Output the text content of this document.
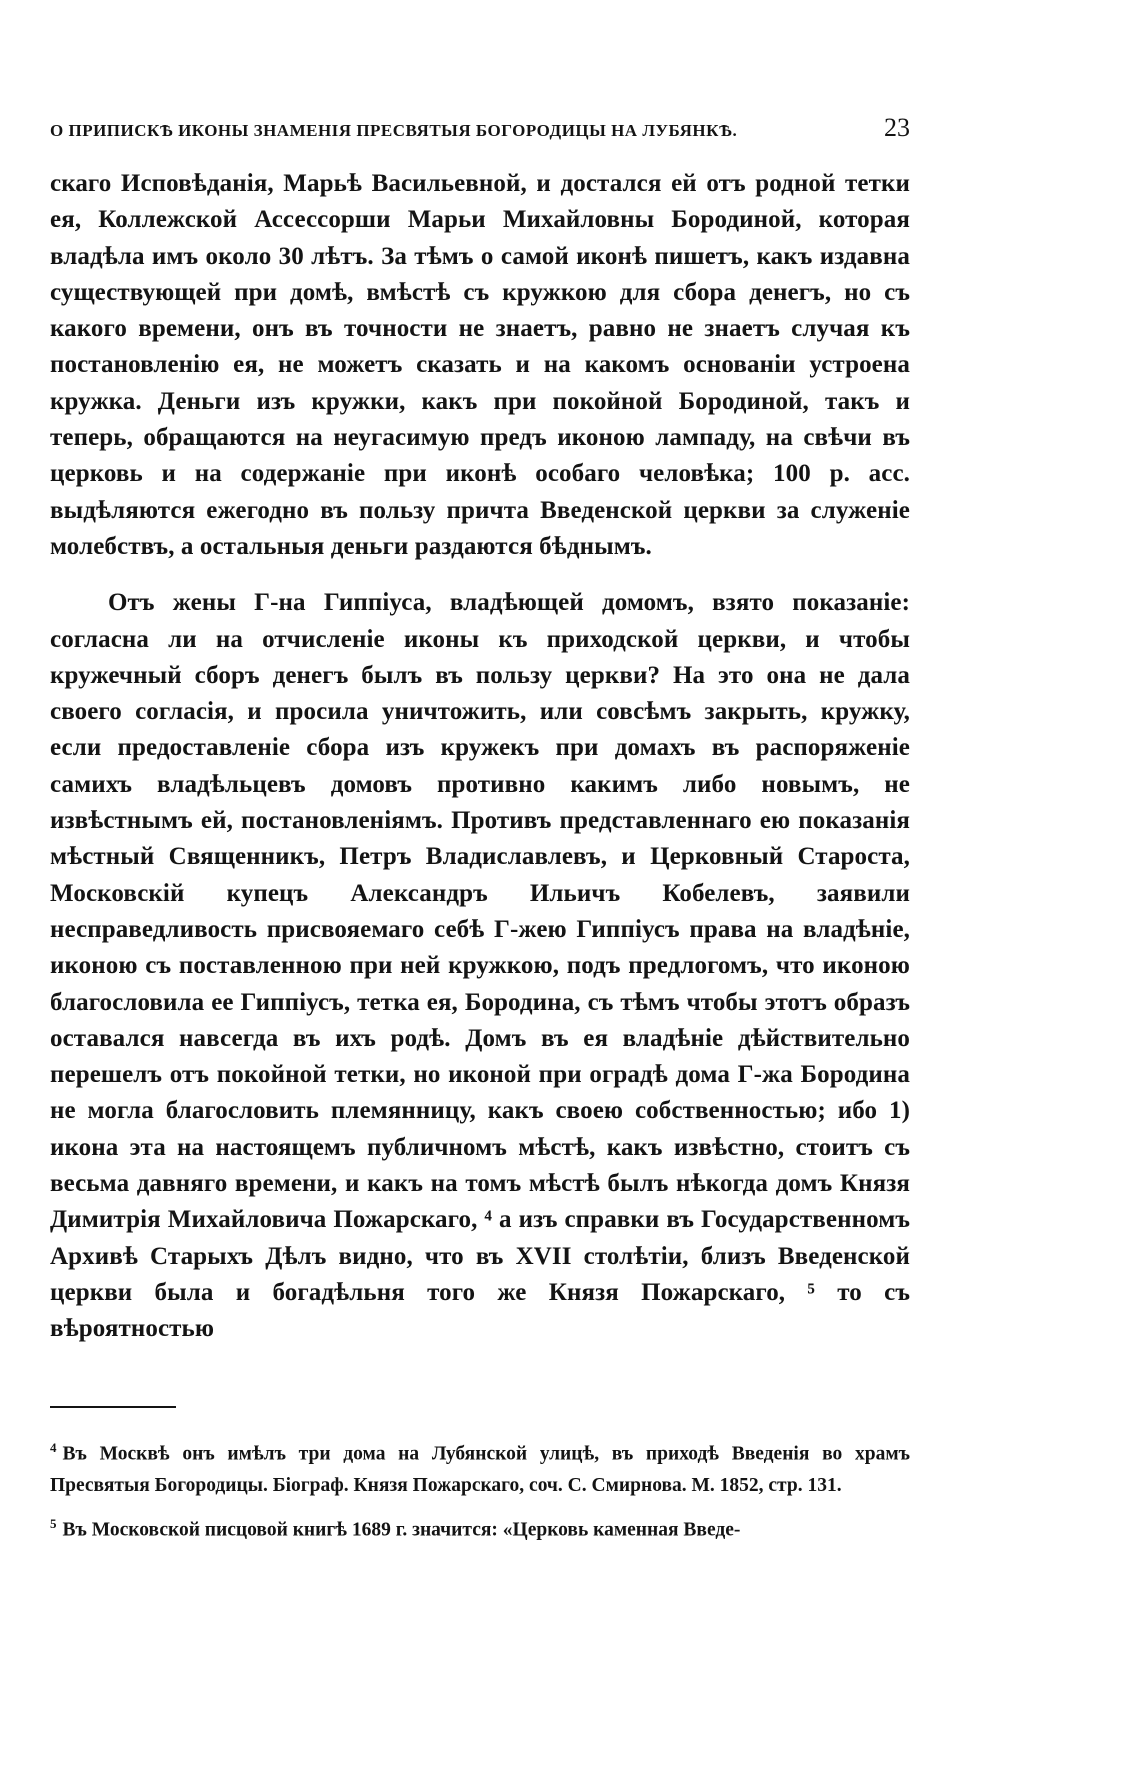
О ПРИПИСКѢ ИКОНЫ ЗНАМЕНІЯ ПРЕСВЯТЫЯ БОГОРОДИЦЫ НА ЛУБЯНКѢ.	23

скаго Исповѣданія, Марьѣ Васильевной, и достался ей отъ родной тетки ея, Коллежской Ассессорши Марьи Михайловны Бородиной, которая владѣла имъ около 30 лѣтъ. За тѣмъ о самой иконѣ пишетъ, какъ издавна существующей при домѣ, вмѣстѣ съ кружкою для сбора денегъ, но съ какого времени, онъ въ точности не знаетъ, равно не знаетъ случая къ постановленію ея, не можетъ сказать и на какомъ основаніи устроена кружка. Деньги изъ кружки, какъ при покойной Бородиной, такъ и теперь, обращаются на неугасимую предъ иконою лампаду, на свѣчи въ церковь и на содержаніе при иконѣ особаго человѣка; 100 р. асс. выдѣляются ежегодно въ пользу причта Введенской церкви за служеніе молебствъ, а остальныя деньги раздаются бѣднымъ.

Отъ жены Г-на Гиппіуса, владѣющей домомъ, взято показаніе: согласна ли на отчисленіе иконы къ приходской церкви, и чтобы кружечный сборъ денегъ былъ въ пользу церкви? На это она не дала своего согласія, и просила уничтожить, или совсѣмъ закрыть, кружку, если предоставленіе сбора изъ кружекъ при домахъ въ распоряженіе самихъ владѣльцевъ домовъ противно какимъ либо новымъ, не извѣстнымъ ей, постановленіямъ. Противъ представленнаго ею показанія мѣстный Священникъ, Петръ Владиславлевъ, и Церковный Староста, Московскій купецъ Александръ Ильичъ Кобелевъ, заявили несправедливость присвояемаго себѣ Г-жею Гиппіусъ права на владѣніе, иконою съ поставленною при ней кружкою, подъ предлогомъ, что иконою благословила ее Гиппіусъ, тетка ея, Бородина, съ тѣмъ чтобы этотъ образъ оставался навсегда въ ихъ родѣ. Домъ въ ея владѣніе дѣйствительно перешелъ отъ покойной тетки, но иконой при оградѣ дома Г-жа Бородина не могла благословить племянницу, какъ своею собственностью; ибо 1) икона эта на настоящемъ публичномъ мѣстѣ, какъ извѣстно, стоитъ съ весьма давняго времени, и какъ на томъ мѣстѣ былъ нѣкогда домъ Князя Димитрія Михайловича Пожарскаго, ⁴ а изъ справки въ Государственномъ Архивѣ Старыхъ Дѣлъ видно, что въ XVII столѣтіи, близъ Введенской церкви была и богадѣльня того же Князя Пожарскаго, ⁵ то съ вѣроятностью

$^4$ Въ Москвѣ онъ имѣлъ три дома на Лубянской улицѣ, въ приходѣ Введенія во храмъ Пресвятыя Богородицы. Біограф. Князя Пожарскаго, соч. С. Смирнова. М. 1852, стр. 131.

$^5$ Въ Московской писцовой книгѣ 1689 г. значится: «Церковь каменная Введе-
